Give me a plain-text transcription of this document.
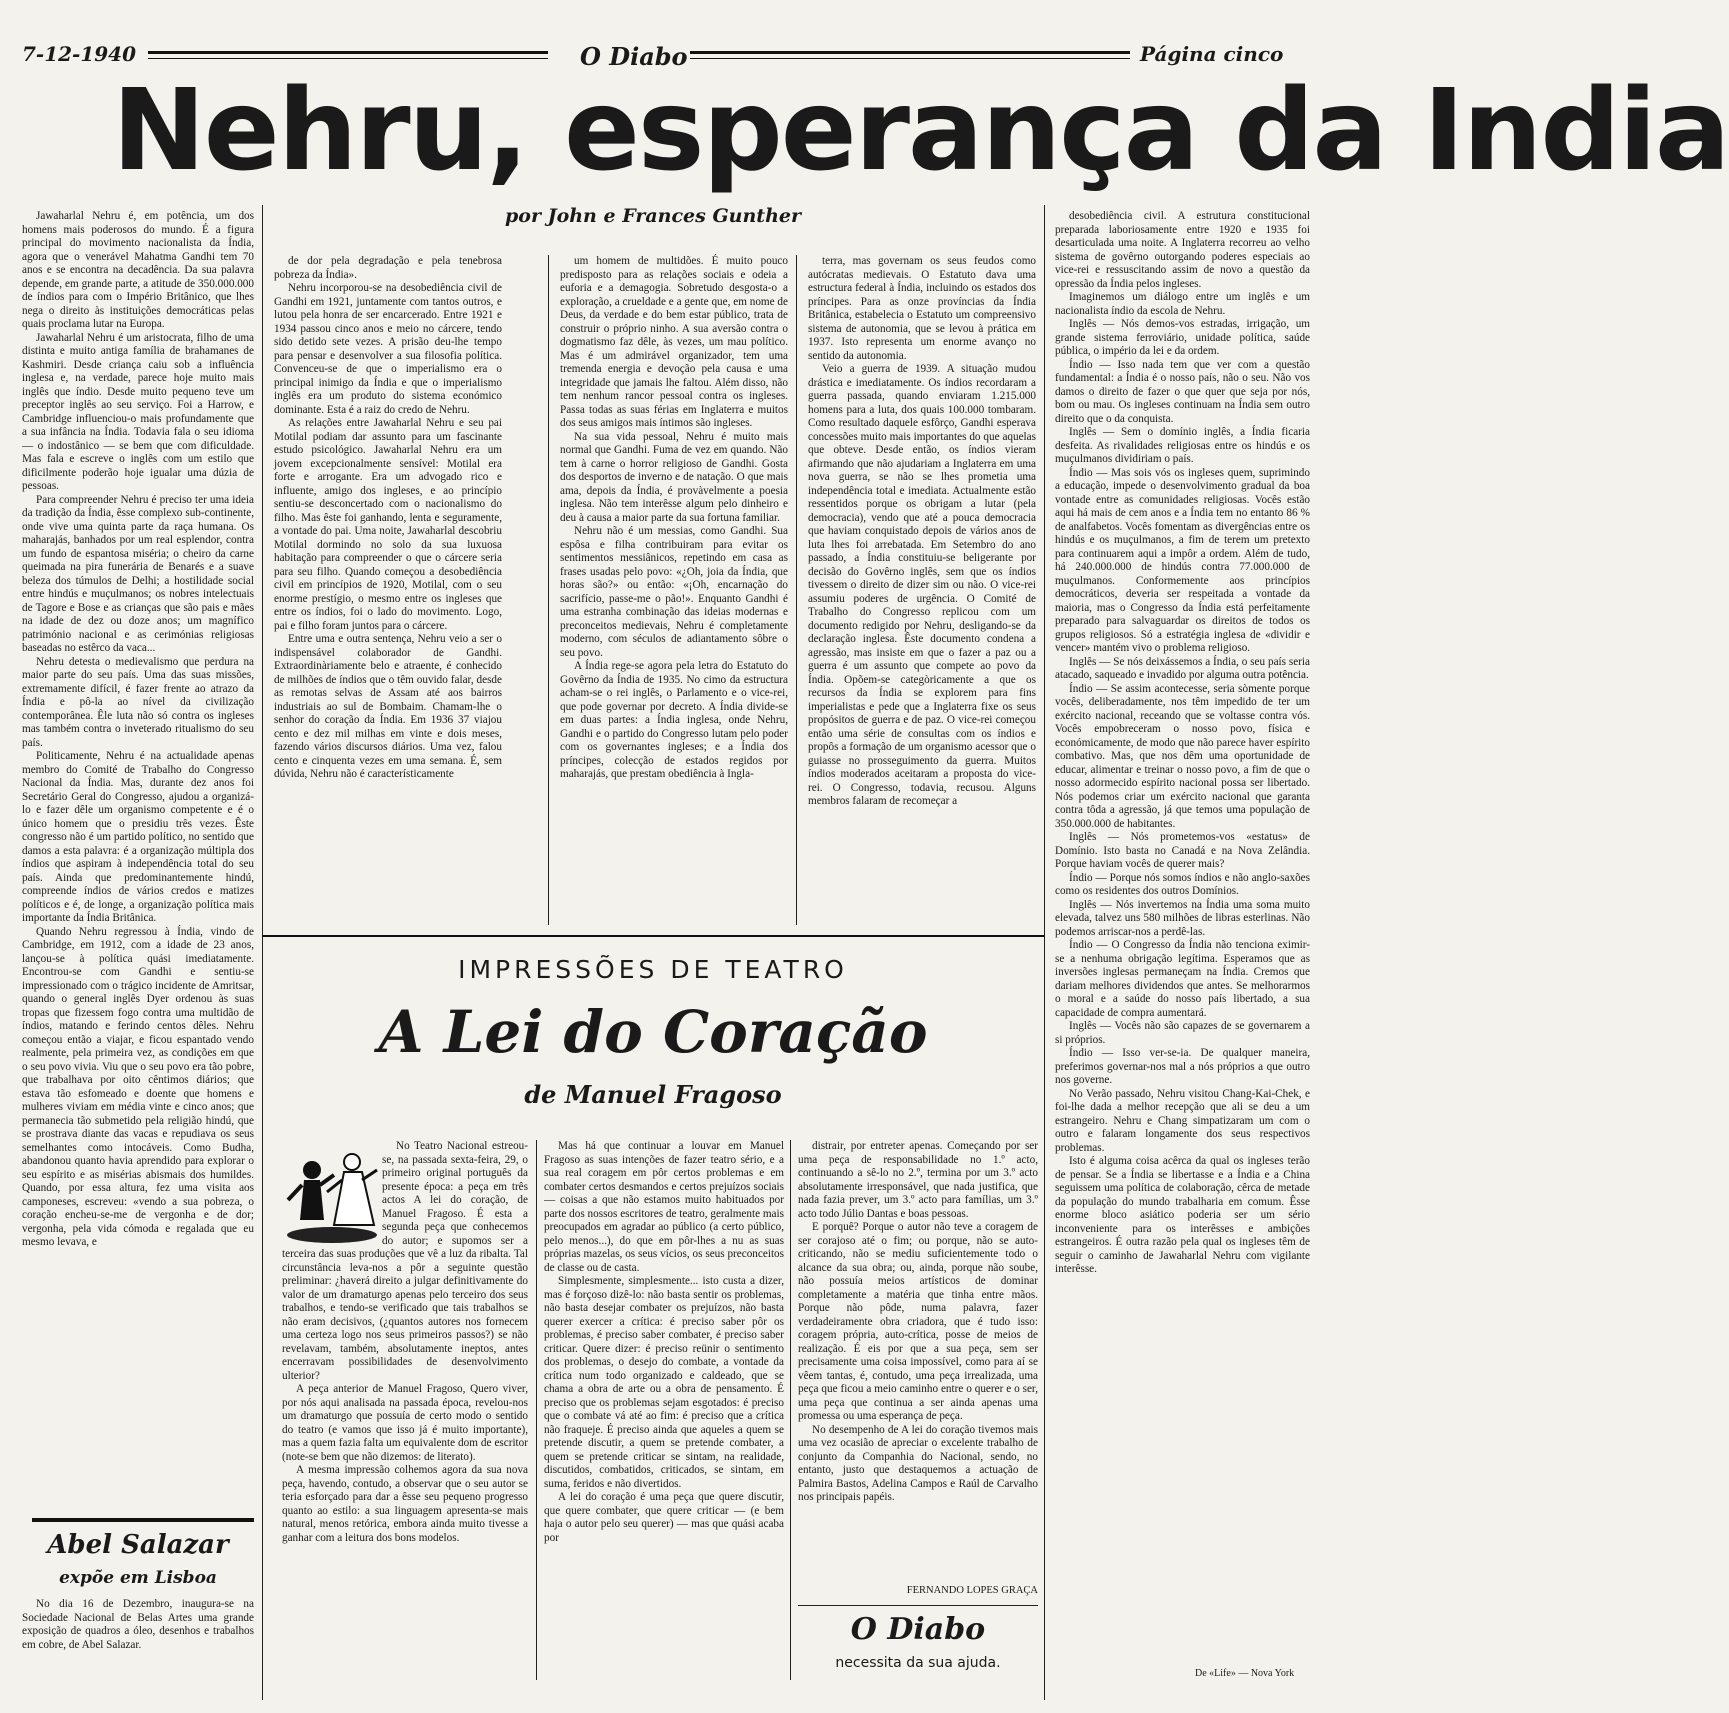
7-12-1940	O Diabo	Página cinco
Nehru, esperança da India
por John e Frances Gunther

Jawaharlal Nehru é, em potência, um dos homens mais poderosos do mundo. É a figura principal do movimento nacionalista da Índia, agora que o venerável Mahatma Gandhi tem 70 anos e se encontra na decadência. Da sua palavra depende, em grande parte, a atitude de 350.000.000 de índios para com o Império Britânico, que lhes nega o direito às instituições democráticas pelas quais proclama lutar na Europa.

Jawaharlal Nehru é um aristocrata, filho de uma distinta e muito antiga família de brahamanes de Kashmiri. Desde criança caiu sob a influência inglesa e, na verdade, parece hoje muito mais inglês que índio. Desde muito pequeno teve um preceptor inglês ao seu serviço. Foi a Harrow, e Cambridge influenciou-o mais profundamente que a sua infância na Índia. Todavia fala o seu idioma — o indostânico — se bem que com dificuldade. Mas fala e escreve o inglês com um estilo que dificilmente poderão hoje igualar uma dúzia de pessoas.

Para compreender Nehru é preciso ter uma ideia da tradição da Índia, êsse complexo sub-continente, onde vive uma quinta parte da raça humana. Os maharajás, banhados por um real esplendor, contra um fundo de espantosa miséria; o cheiro da carne queimada na pira funerária de Benarés e a suave beleza dos túmulos de Delhi; a hostilidade social entre hindús e muçulmanos; os nobres intelectuais de Tagore e Bose e as crianças que são pais e mães na idade de dez ou doze anos; um magnífico património nacional e as cerimónias religiosas baseadas no estêrco da vaca...

Nehru detesta o medievalismo que perdura na maior parte do seu país. Uma das suas missões, extremamente difícil, é fazer frente ao atrazo da Índia e pô-la ao nível da civilização contemporânea. Êle luta não só contra os ingleses mas também contra o inveterado ritualismo do seu país.

Politicamente, Nehru é na actualidade apenas membro do Comité de Trabalho do Congresso Nacional da Índia. Mas, durante dez anos foi Secretário Geral do Congresso, ajudou a organizá-lo e fazer dêle um organismo competente e é o único homem que o presidiu três vezes. Êste congresso não é um partido político, no sentido que damos a esta palavra: é a organização múltipla dos índios que aspiram à independência total do seu país. Ainda que predominantemente hindú, compreende índios de vários credos e matizes políticos e é, de longe, a organização política mais importante da Índia Britânica.

Quando Nehru regressou à Índia, vindo de Cambridge, em 1912, com a idade de 23 anos, lançou-se à política quási imediatamente. Encontrou-se com Gandhi e sentiu-se impressionado com o trágico incidente de Amritsar, quando o general inglês Dyer ordenou às suas tropas que fizessem fogo contra uma multidão de índios, matando e ferindo centos dêles. Nehru começou então a viajar, e ficou espantado vendo realmente, pela primeira vez, as condições em que o seu povo vivia. Viu que o seu povo era tão pobre, que trabalhava por oito cêntimos diários; que estava tão esfomeado e doente que homens e mulheres viviam em média vinte e cinco anos; que permanecia tão submetido pela religião hindú, que se prostrava diante das vacas e repudiava os seus semelhantes como intocáveis. Como Budha, abandonou quanto havia aprendido para explorar o seu espírito e as misérias abismais dos humildes. Quando, por essa altura, fez uma visita aos camponeses, escreveu: «vendo a sua pobreza, o coração encheu-se-me de vergonha e de dor; vergonha, pela vida cómoda e regalada que eu mesmo levava, e

de dor pela degradação e pela tenebrosa pobreza da Índia».

Nehru incorporou-se na desobediência civil de Gandhi em 1921, juntamente com tantos outros, e lutou pela honra de ser encarcerado. Entre 1921 e 1934 passou cinco anos e meio no cárcere, tendo sido detido sete vezes. A prisão deu-lhe tempo para pensar e desenvolver a sua filosofia política. Convenceu-se de que o imperialismo era o principal inimigo da Índia e que o imperialismo inglês era um produto do sistema económico dominante. Esta é a raiz do credo de Nehru.

As relações entre Jawaharlal Nehru e seu pai Motilal podiam dar assunto para um fascinante estudo psicológico. Jawaharlal Nehru era um jovem excepcionalmente sensível: Motilal era forte e arrogante. Era um advogado rico e influente, amigo dos ingleses, e ao princípio sentiu-se desconcertado com o nacionalismo do filho. Mas êste foi ganhando, lenta e seguramente, a vontade do pai. Uma noite, Jawaharlal descobriu Motilal dormindo no solo da sua luxuosa habitação para compreender o que o cárcere seria para seu filho. Quando começou a desobediência civil em princípios de 1920, Motilal, com o seu enorme prestígio, o mesmo entre os ingleses que entre os índios, foi o lado do movimento. Logo, pai e filho foram juntos para o cárcere.

Entre uma e outra sentença, Nehru veio a ser o indispensável colaborador de Gandhi. Extraordinàriamente belo e atraente, é conhecido de milhões de índios que o têm ouvido falar, desde as remotas selvas de Assam até aos bairros industriais ao sul de Bombaim. Chamam-lhe o senhor do coração da Índia. Em 1936 37 viajou cento e dez mil milhas em vinte e dois meses, fazendo vários discursos diários. Uma vez, falou cento e cinquenta vezes em uma semana. É, sem dúvida, Nehru não é característicamente

um homem de multidões. É muito pouco predisposto para as relações sociais e odeia a euforia e a demagogia. Sobretudo desgosta-o a exploração, a crueldade e a gente que, em nome de Deus, da verdade e do bem estar público, trata de construir o próprio ninho. A sua aversão contra o dogmatismo faz dêle, às vezes, um mau político. Mas é um admirável organizador, tem uma tremenda energia e devoção pela causa e uma integridade que jamais lhe faltou. Além disso, não tem nenhum rancor pessoal contra os ingleses. Passa todas as suas férias em Inglaterra e muitos dos seus amigos mais íntimos são ingleses.

Na sua vida pessoal, Nehru é muito mais normal que Gandhi. Fuma de vez em quando. Não tem à carne o horror religioso de Gandhi. Gosta dos desportos de inverno e de natação. O que mais ama, depois da Índia, é provàvelmente a poesia inglesa. Não tem interêsse algum pelo dinheiro e deu à causa a maior parte da sua fortuna familiar.

Nehru não é um messias, como Gandhi. Sua espôsa e filha contribuiram para evitar os sentimentos messiânicos, repetindo em casa as frases usadas pelo povo: «¿Oh, joia da Índia, que horas são?» ou então: «¡Oh, encarnação do sacrifício, passe-me o pão!». Enquanto Gandhi é uma estranha combinação das ideias modernas e preconceitos medievais, Nehru é completamente moderno, com séculos de adiantamento sôbre o seu povo.

A Índia rege-se agora pela letra do Estatuto do Govêrno da Índia de 1935. No cimo da estructura acham-se o rei inglês, o Parlamento e o vice-rei, que pode governar por decreto. A Índia divide-se em duas partes: a Índia inglesa, onde Nehru, Gandhi e o partido do Congresso lutam pelo poder com os governantes ingleses; e a Índia dos príncipes, colecção de estados regidos por maharajás, que prestam obediência à Ingla-

terra, mas governam os seus feudos como autócratas medievais. O Estatuto dava uma estructura federal à Índia, incluindo os estados dos príncipes. Para as onze províncias da Índia Britânica, estabelecia o Estatuto um compreensivo sistema de autonomia, que se levou à prática em 1937. Isto representa um enorme avanço no sentido da autonomia.

Veio a guerra de 1939. A situação mudou drástica e imediatamente. Os índios recordaram a guerra passada, quando enviaram 1.215.000 homens para a luta, dos quais 100.000 tombaram. Como resultado daquele esfôrço, Gandhi esperava concessões muito mais importantes do que aquelas que obteve. Desde então, os índios vieram afirmando que não ajudariam a Inglaterra em uma nova guerra, se não se lhes prometia uma independência total e imediata. Actualmente estão ressentidos porque os obrigam a lutar (pela democracia), vendo que até a pouca democracia que haviam conquistado depois de vários anos de luta lhes foi arrebatada. Em Setembro do ano passado, a Índia constituiu-se beligerante por decisão do Govêrno inglês, sem que os índios tivessem o direito de dizer sim ou não. O vice-rei assumiu poderes de urgência. O Comité de Trabalho do Congresso replicou com um documento redigido por Nehru, desligando-se da declaração inglesa. Êste documento condena a agressão, mas insiste em que o fazer a paz ou a guerra é um assunto que compete ao povo da Índia. Opõem-se categòricamente a que os recursos da Índia se explorem para fins imperialistas e pede que a Inglaterra fixe os seus propósitos de guerra e de paz. O vice-rei começou então uma série de consultas com os índios e propôs a formação de um organismo acessor que o guiasse no prosseguimento da guerra. Muitos índios moderados aceitaram a proposta do vice-rei. O Congresso, todavia, recusou. Alguns membros falaram de recomeçar a

desobediência civil. A estrutura constitucional preparada laboriosamente entre 1920 e 1935 foi desarticulada uma noite. A Inglaterra recorreu ao velho sistema de govêrno outorgando poderes especiais ao vice-rei e ressuscitando assim de novo a questão da opressão da Índia pelos ingleses.

Imaginemos um diálogo entre um inglês e um nacionalista índio da escola de Nehru.

Inglês — Nós demos-vos estradas, irrigação, um grande sistema ferroviário, unidade política, saúde pública, o império da lei e da ordem.

Índio — Isso nada tem que ver com a questão fundamental: a Índia é o nosso país, não o seu. Não vos damos o direito de fazer o que quer que seja por nós, bom ou mau. Os ingleses continuam na Índia sem outro direito que o da conquista.

Inglês — Sem o domínio inglês, a Índia ficaria desfeita. As rivalidades religiosas entre os hindús e os muçulmanos dividiriam o país.

Índio — Mas sois vós os ingleses quem, suprimindo a educação, impede o desenvolvimento gradual da boa vontade entre as comunidades religiosas. Vocês estão aqui há mais de cem anos e a Índia tem no entanto 86 % de analfabetos. Vocês fomentam as divergências entre os hindús e os muçulmanos, a fim de terem um pretexto para continuarem aqui a impôr a ordem. Além de tudo, há 240.000.000 de hindús contra 77.000.000 de muçulmanos. Conformemente aos princípios democráticos, deveria ser respeitada a vontade da maioria, mas o Congresso da Índia está perfeitamente preparado para salvaguardar os direitos de todos os grupos religiosos. Só a estratégia inglesa de «dividir e vencer» mantém vivo o problema religioso.

Inglês — Se nós deixássemos a Índia, o seu país seria atacado, saqueado e invadido por alguma outra potência.

Índio — Se assim acontecesse, seria sòmente porque vocês, deliberadamente, nos têm impedido de ter um exército nacional, receando que se voltasse contra vós. Vocês empobreceram o nosso povo, física e económicamente, de modo que não parece haver espírito combativo. Mas, que nos dêm uma oportunidade de educar, alimentar e treinar o nosso povo, a fim de que o nosso adormecido espírito nacional possa ser libertado. Nós podemos criar um exército nacional que garanta contra tôda a agressão, já que temos uma população de 350.000.000 de habitantes.

Inglês — Nós prometemos-vos «estatus» de Domínio. Isto basta no Canadá e na Nova Zelândia. Porque haviam vocês de querer mais?

Índio — Porque nós somos índios e não anglo-saxões como os residentes dos outros Domínios.

Inglês — Nós invertemos na Índia uma soma muito elevada, talvez uns 580 milhões de libras esterlinas. Não podemos arriscar-nos a perdê-las.

Índio — O Congresso da Índia não tenciona eximir-se a nenhuma obrigação legítima. Esperamos que as inversões inglesas permaneçam na Índia. Cremos que dariam melhores dividendos que antes. Se melhorarmos o moral e a saúde do nosso país libertado, a sua capacidade de compra aumentará.

Inglês — Vocês não são capazes de se governarem a si próprios.

Índio — Isso ver-se-ia. De qualquer maneira, preferimos governar-nos mal a nós próprios a que outro nos governe.

No Verão passado, Nehru visitou Chang-Kai-Chek, e foi-lhe dada a melhor recepção que ali se deu a um estrangeiro. Nehru e Chang simpatizaram um com o outro e falaram longamente dos seus respectivos problemas.

Isto é alguma coisa acêrca da qual os ingleses terão de pensar. Se a Índia se libertasse e a Índia e a China seguissem uma política de colaboração, cêrca de metade da população do mundo trabalharia em comum. Êsse enorme bloco asiático poderia ser um sério inconveniente para os interêsses e ambições estrangeiros. É outra razão pela qual os ingleses têm de seguir o caminho de Jawaharlal Nehru com vigilante interêsse.

De «Life» — Nova York
IMPRESSÕES DE TEATRO
A Lei do Coração
de Manuel Fragoso

No Teatro Nacional estreou-se, na passada sexta-feira, 29, o primeiro original português da presente época: a peça em três actos A lei do coração, de Manuel Fragoso. É esta a segunda peça que conhecemos do autor; e supomos ser a terceira das suas produções que vê a luz da ribalta. Tal circunstância leva-nos a pôr a seguinte questão preliminar: ¿haverá direito a julgar definitivamente do valor de um dramaturgo apenas pelo terceiro dos seus trabalhos, e tendo-se verificado que tais trabalhos se não eram decisivos, (¿quantos autores nos fornecem uma certeza logo nos seus primeiros passos?) se não revelavam, também, absolutamente ineptos, antes encerravam possibilidades de desenvolvimento ulterior?

A peça anterior de Manuel Fragoso, Quero viver, por nós aqui analisada na passada época, revelou-nos um dramaturgo que possuía de certo modo o sentido do teatro (e vamos que isso já é muito importante), mas a quem fazia falta um equivalente dom de escritor (note-se bem que não dizemos: de literato).

A mesma impressão colhemos agora da sua nova peça, havendo, contudo, a observar que o seu autor se teria esforçado para dar a êsse seu pequeno progresso quanto ao estilo: a sua linguagem apresenta-se mais natural, menos retórica, embora ainda muito tivesse a ganhar com a leitura dos bons modelos.

Mas há que continuar a louvar em Manuel Fragoso as suas intenções de fazer teatro sério, e a sua real coragem em pôr certos problemas e em combater certos desmandos e certos prejuízos sociais — coisas a que não estamos muito habituados por parte dos nossos escritores de teatro, geralmente mais preocupados em agradar ao público (a certo público, pelo menos...), do que em pôr-lhes a nu as suas próprias mazelas, os seus vícios, os seus preconceitos de classe ou de casta.

Simplesmente, simplesmente... isto custa a dizer, mas é forçoso dizê-lo: não basta sentir os problemas, não basta desejar combater os prejuízos, não basta querer exercer a crítica: é preciso saber pôr os problemas, é preciso saber combater, é preciso saber criticar. Quere dizer: é preciso reünir o sentimento dos problemas, o desejo do combate, a vontade da crítica num todo organizado e caldeado, que se chama a obra de arte ou a obra de pensamento. É preciso que os problemas sejam esgotados: é preciso que o combate vá até ao fim: é preciso que a crítica não fraqueje. É preciso ainda que aqueles a quem se pretende discutir, a quem se pretende combater, a quem se pretende criticar se sintam, na realidade, discutidos, combatidos, criticados, se sintam, em suma, feridos e não divertidos.

A lei do coração é uma peça que quere discutir, que quere combater, que quere criticar — (e bem haja o autor pelo seu querer) — mas que quási acaba por

distrair, por entreter apenas. Começando por ser uma peça de responsabilidade no 1.º acto, continuando a sê-lo no 2.º, termina por um 3.º acto absolutamente irresponsável, que nada justifica, que nada fazia prever, um 3.º acto para famílias, um 3.º acto todo Júlio Dantas e boas pessoas.

E porquê? Porque o autor não teve a coragem de ser corajoso até o fim; ou porque, não se auto-criticando, não se mediu suficientemente todo o alcance da sua obra; ou, ainda, porque não soube, não possuía meios artísticos de dominar completamente a matéria que tinha entre mãos. Porque não pôde, numa palavra, fazer verdadeiramente obra criadora, que é tudo isso: coragem própria, auto-crítica, posse de meios de realização. É eis por que a sua peça, sem ser precisamente uma coisa impossível, como para aí se vêem tantas, é, contudo, uma peça irrealizada, uma peça que ficou a meio caminho entre o querer e o ser, uma peça que continua a ser ainda apenas uma promessa ou uma esperança de peça.

No desempenho de A lei do coração tivemos mais uma vez ocasião de apreciar o excelente trabalho de conjunto da Companhia do Nacional, sendo, no entanto, justo que destaquemos a actuação de Palmira Bastos, Adelina Campos e Raúl de Carvalho nos principais papéis.

FERNANDO LOPES GRAÇA
O Diabo
necessita da sua ajuda.
Abel Salazar
expõe em Lisboa

No dia 16 de Dezembro, inaugura-se na Sociedade Nacional de Belas Artes uma grande exposição de quadros a óleo, desenhos e trabalhos em cobre, de Abel Salazar.
